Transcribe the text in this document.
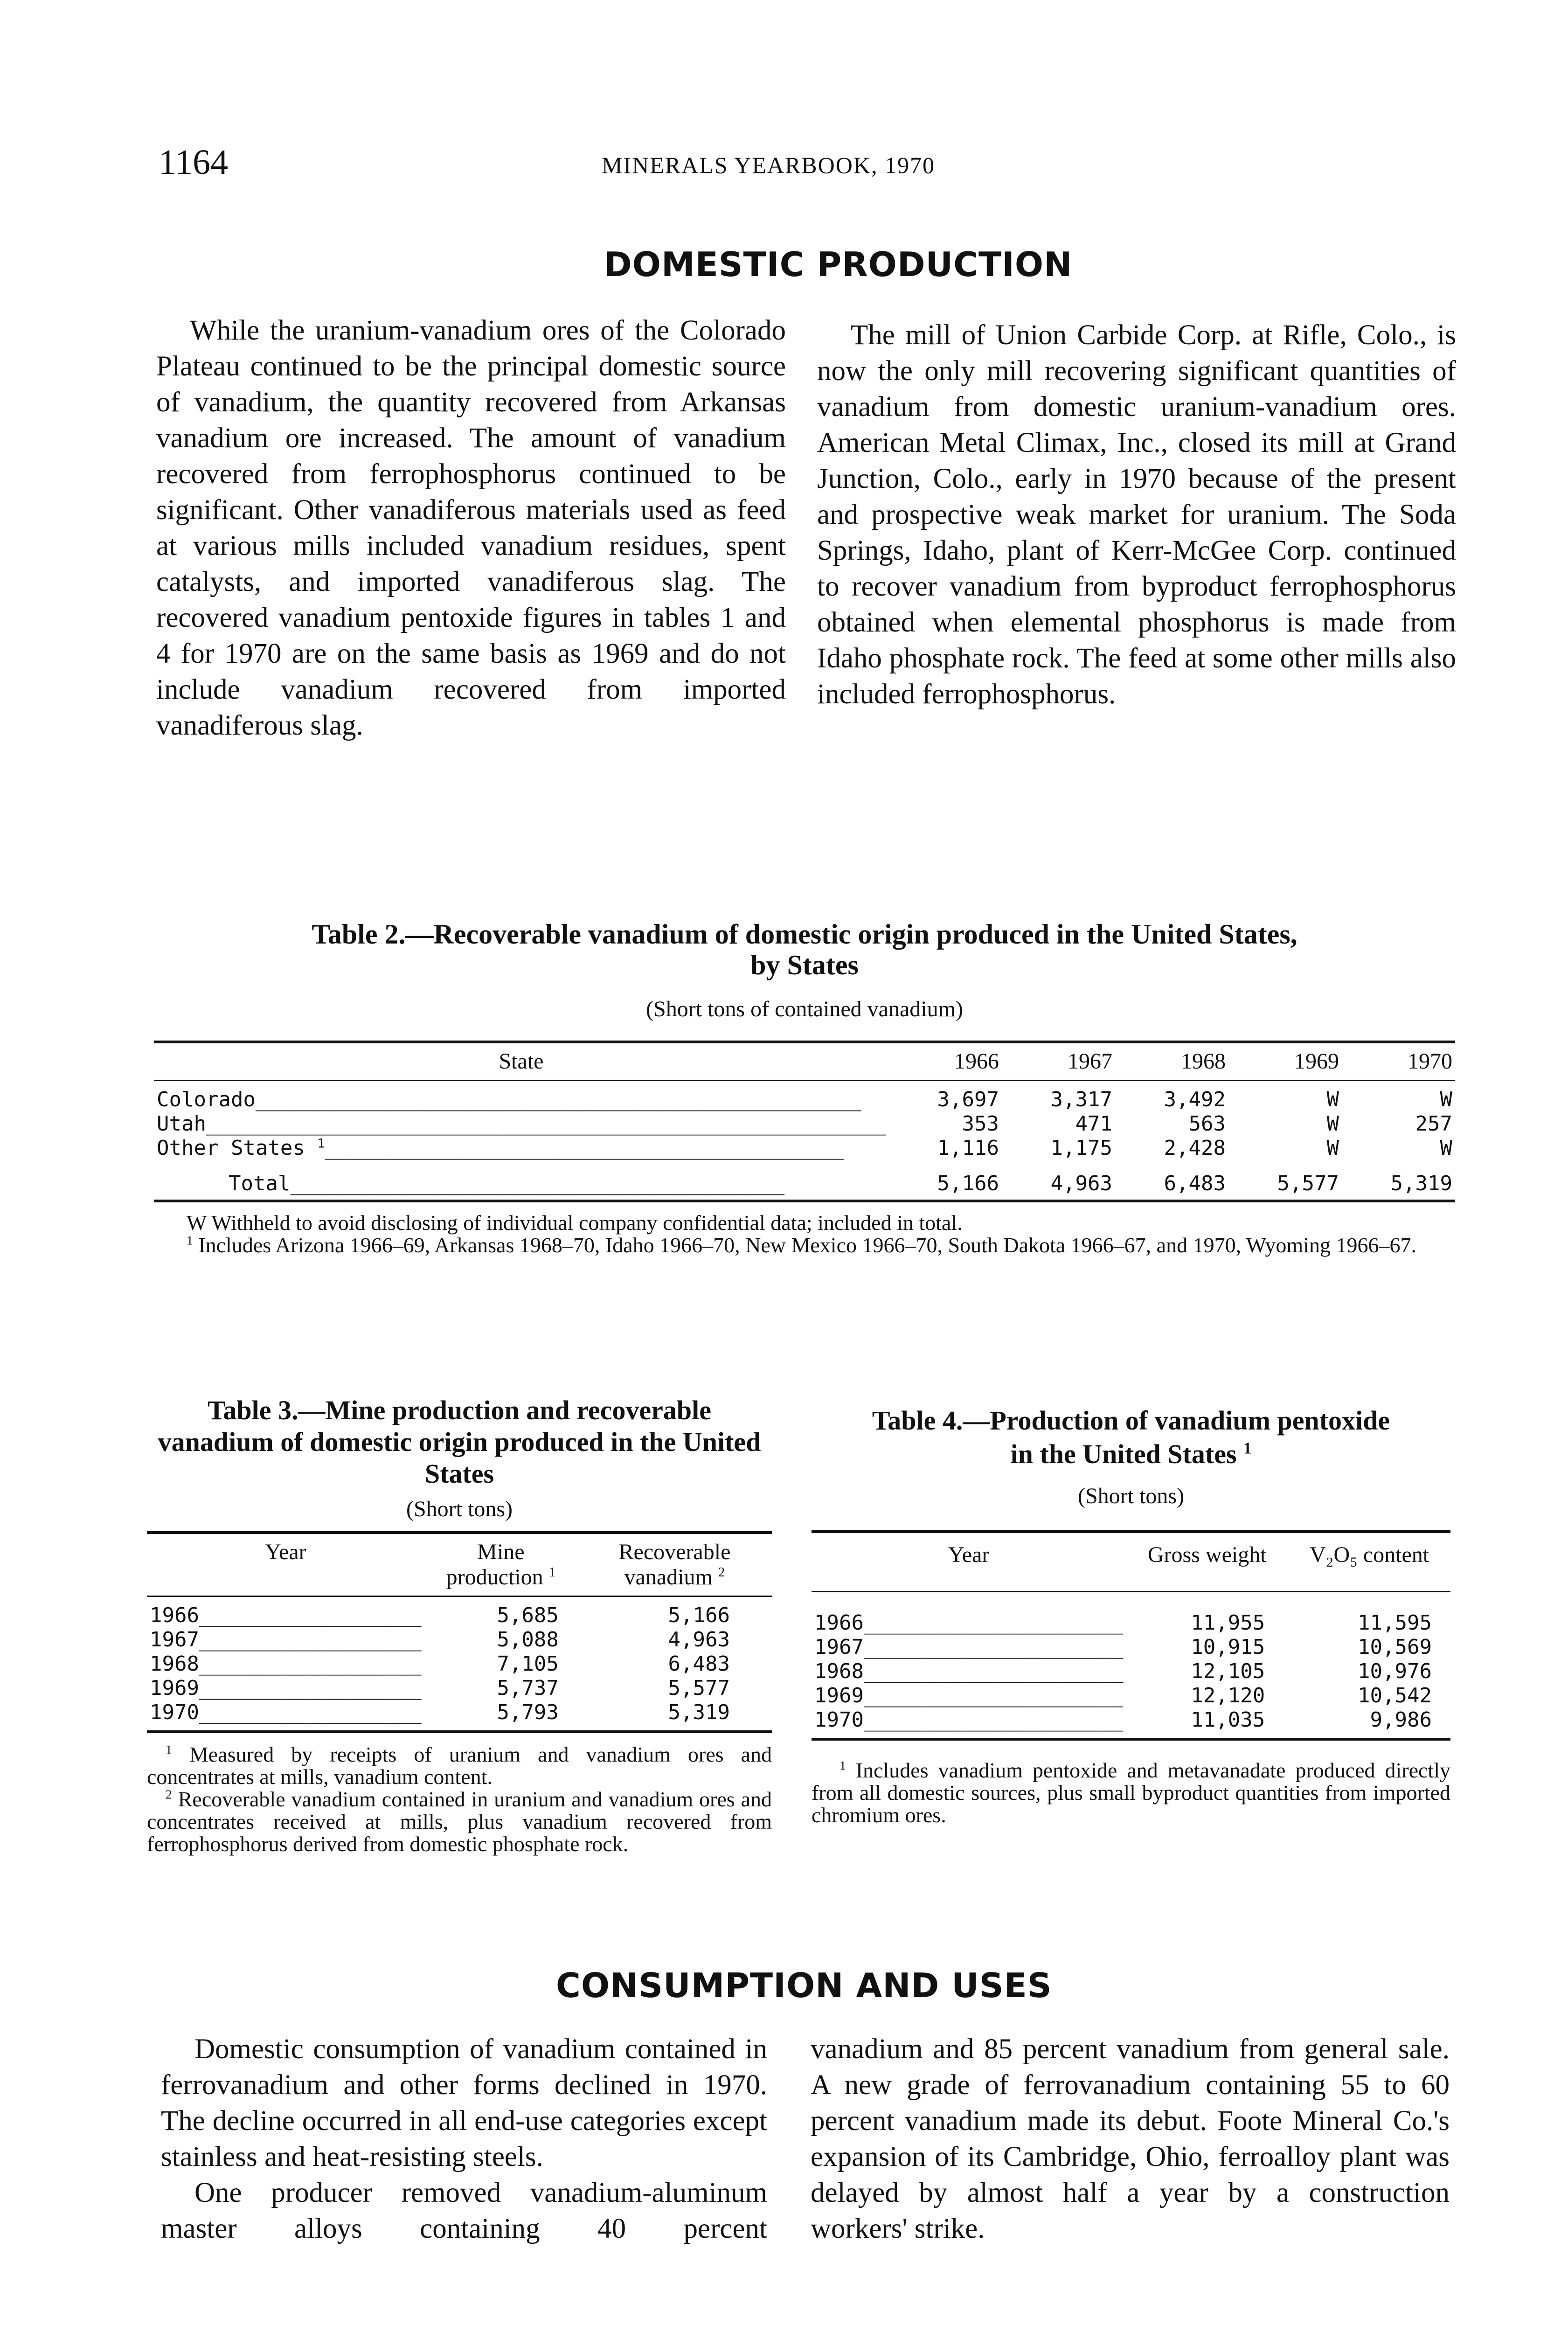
1164	MINERALS YEARBOOK, 1970
DOMESTIC PRODUCTION

While the uranium-vanadium ores of the Colorado Plateau continued to be the principal domestic source of vanadium, the quantity recovered from Arkansas vanadium ore increased. The amount of vanadium recovered from ferrophosphorus continued to be significant. Other vanadiferous materials used as feed at various mills included vanadium residues, spent catalysts, and imported vanadiferous slag. The recovered vanadium pentoxide figures in tables 1 and 4 for 1970 are on the same basis as 1969 and do not include vanadium recovered from imported vanadiferous slag.

The mill of Union Carbide Corp. at Rifle, Colo., is now the only mill recovering significant quantities of vanadium from domestic uranium-vanadium ores. American Metal Climax, Inc., closed its mill at Grand Junction, Colo., early in 1970 because of the present and prospective weak market for uranium. The Soda Springs, Idaho, plant of Kerr-McGee Corp. continued to recover vanadium from byproduct ferrophosphorus obtained when elemental phosphorus is made from Idaho phosphate rock. The feed at some other mills also included ferrophosphorus.

Table 2.—Recoverable vanadium of domestic origin produced in the United States,

by States

(Short tons of contained vanadium)

State	1966	1967	1968	1969	1970
Colorado_________________________________________________	3,697	3,317	3,492	W	W
Utah_______________________________________________________	353	471	563	W	257
Other States $^1$__________________________________________	1,116	1,175	2,428	W	W
Total________________________________________	5,166	4,963	6,483	5,577	5,319

W Withheld to avoid disclosing of individual company confidential data; included in total.

$^1$ Includes Arizona 1966–69, Arkansas 1968–70, Idaho 1966–70, New Mexico 1966–70, South Dakota 1966–67, and 1970, Wyoming 1966–67.

Table 3.—Mine production and recoverable vanadium of domestic origin produced in the United States

(Short tons)

Year	Mine production $^1$	Recoverable vanadium $^2$
1966__________________	5,685	5,166
1967__________________	5,088	4,963
1968__________________	7,105	6,483
1969__________________	5,737	5,577
1970__________________	5,793	5,319

$^1$ Measured by receipts of uranium and vanadium ores and concentrates at mills, vanadium content.

$^2$ Recoverable vanadium contained in uranium and vanadium ores and concentrates received at mills, plus vanadium recovered from ferrophosphorus derived from domestic phosphate rock.

Table 4.—Production of vanadium pentoxide in the United States $^1$

(Short tons)

Year	Gross weight	V₂O₅ content
1966_____________________	11,955	11,595
1967_____________________	10,915	10,569
1968_____________________	12,105	10,976
1969_____________________	12,120	10,542
1970_____________________	11,035	9,986

$^1$ Includes vanadium pentoxide and metavanadate produced directly from all domestic sources, plus small byproduct quantities from imported chromium ores.

CONSUMPTION AND USES

Domestic consumption of vanadium contained in ferrovanadium and other forms declined in 1970. The decline occurred in all end-use categories except stainless and heat-resisting steels.

One producer removed vanadium-aluminum master alloys containing 40 percent

vanadium and 85 percent vanadium from general sale. A new grade of ferrovanadium containing 55 to 60 percent vanadium made its debut. Foote Mineral Co.'s expansion of its Cambridge, Ohio, ferroalloy plant was delayed by almost half a year by a construction workers' strike.
